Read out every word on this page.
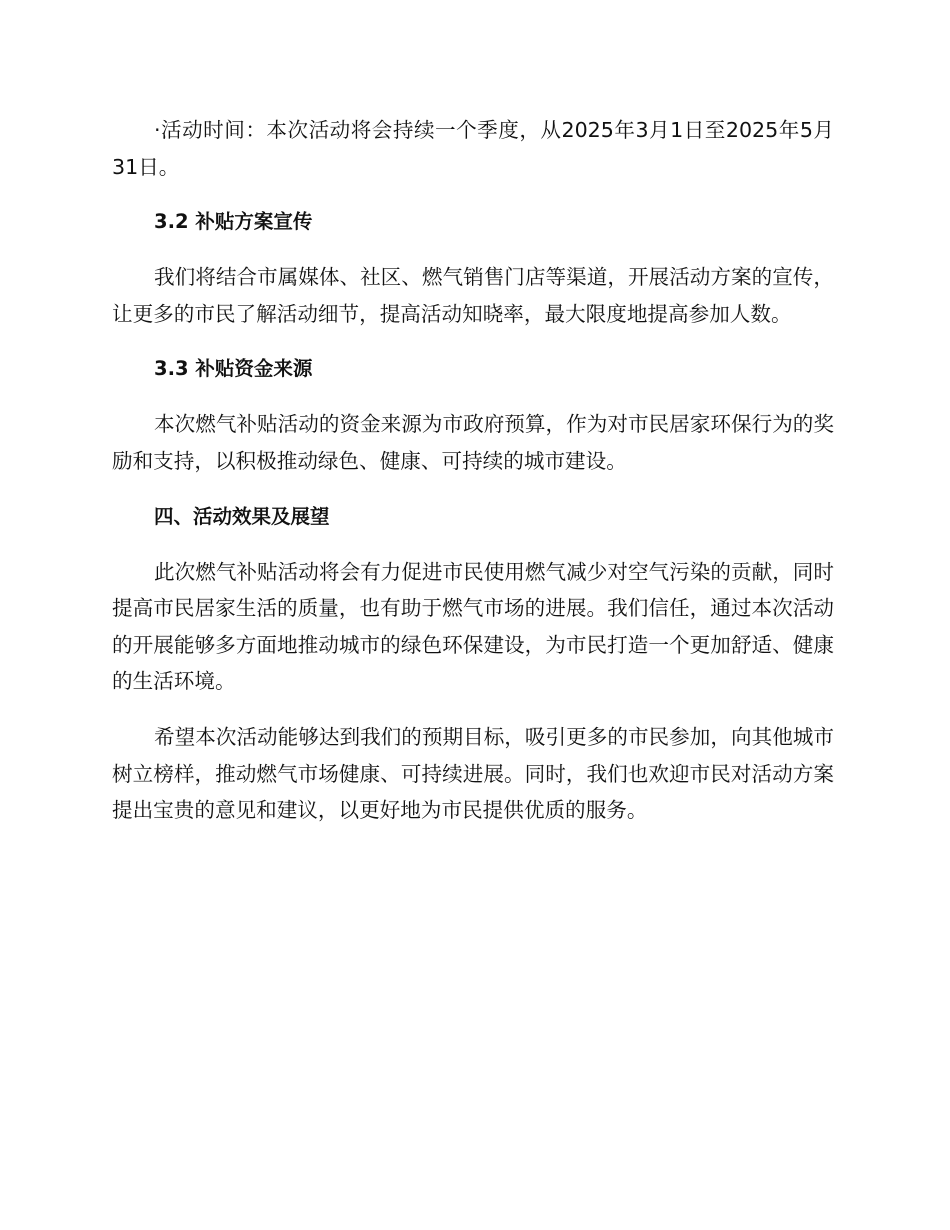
·活动时间：本次活动将会持续一个季度，从2025年3月1日至2025年5月31日。

3.2 补贴方案宣传

我们将结合市属媒体、社区、燃气销售门店等渠道，开展活动方案的宣传，让更多的市民了解活动细节，提高活动知晓率，最大限度地提高参加人数。

3.3 补贴资金来源

本次燃气补贴活动的资金来源为市政府预算，作为对市民居家环保行为的奖励和支持，以积极推动绿色、健康、可持续的城市建设。

四、活动效果及展望

此次燃气补贴活动将会有力促进市民使用燃气减少对空气污染的贡献，同时提高市民居家生活的质量，也有助于燃气市场的进展。我们信任，通过本次活动的开展能够多方面地推动城市的绿色环保建设，为市民打造一个更加舒适、健康的生活环境。

希望本次活动能够达到我们的预期目标，吸引更多的市民参加，向其他城市树立榜样，推动燃气市场健康、可持续进展。同时，我们也欢迎市民对活动方案提出宝贵的意见和建议，以更好地为市民提供优质的服务。
